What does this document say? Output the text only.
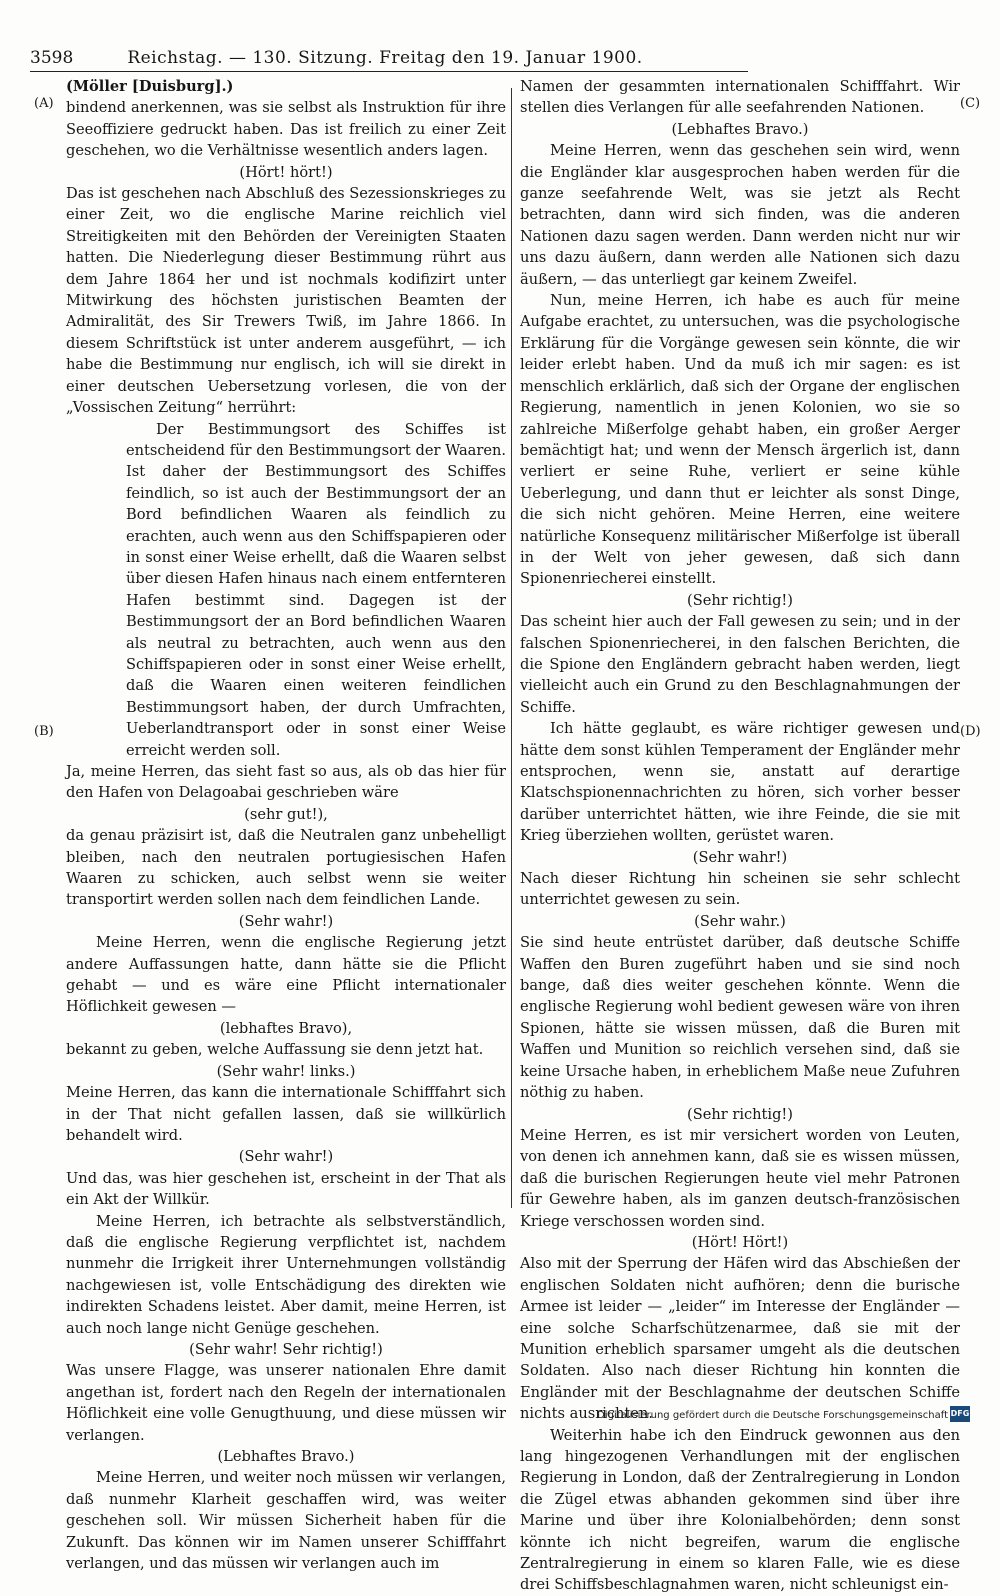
3598	Reichstag. — 130. Sitzung. Freitag den 19. Januar 1900.
(A)
(B)
(C)
(D)

(Möller [Duisburg].)

bindend anerkennen, was sie selbst als Instruktion für ihre Seeoffiziere gedruckt haben. Das ist freilich zu einer Zeit geschehen, wo die Verhältnisse wesentlich anders lagen.

(Hört! hört!)

Das ist geschehen nach Abschluß des Sezessionskrieges zu einer Zeit, wo die englische Marine reichlich viel Streitigkeiten mit den Behörden der Vereinigten Staaten hatten. Die Niederlegung dieser Bestimmung rührt aus dem Jahre 1864 her und ist nochmals kodifizirt unter Mitwirkung des höchsten juristischen Beamten der Admiralität, des Sir Trewers Twiß, im Jahre 1866. In diesem Schriftstück ist unter anderem ausgeführt, — ich habe die Bestimmung nur englisch, ich will sie direkt in einer deutschen Uebersetzung vorlesen, die von der „Vossischen Zeitung“ herrührt:

Der Bestimmungsort des Schiffes ist entscheidend für den Bestimmungsort der Waaren. Ist daher der Bestimmungsort des Schiffes feindlich, so ist auch der Bestimmungsort der an Bord befindlichen Waaren als feindlich zu erachten, auch wenn aus den Schiffspapieren oder in sonst einer Weise erhellt, daß die Waaren selbst über diesen Hafen hinaus nach einem entfernteren Hafen bestimmt sind. Dagegen ist der Bestimmungsort der an Bord befindlichen Waaren als neutral zu betrachten, auch wenn aus den Schiffspapieren oder in sonst einer Weise erhellt, daß die Waaren einen weiteren feindlichen Bestimmungsort haben, der durch Umfrachten, Ueberlandtransport oder in sonst einer Weise erreicht werden soll.

Ja, meine Herren, das sieht fast so aus, als ob das hier für den Hafen von Delagoabai geschrieben wäre

(sehr gut!),

da genau präzisirt ist, daß die Neutralen ganz unbehelligt bleiben, nach den neutralen portugiesischen Hafen Waaren zu schicken, auch selbst wenn sie weiter transportirt werden sollen nach dem feindlichen Lande.

(Sehr wahr!)

Meine Herren, wenn die englische Regierung jetzt andere Auffassungen hatte, dann hätte sie die Pflicht gehabt — und es wäre eine Pflicht internationaler Höflichkeit gewesen —

(lebhaftes Bravo),

bekannt zu geben, welche Auffassung sie denn jetzt hat.

(Sehr wahr! links.)

Meine Herren, das kann die internationale Schifffahrt sich in der That nicht gefallen lassen, daß sie willkürlich behandelt wird.

(Sehr wahr!)

Und das, was hier geschehen ist, erscheint in der That als ein Akt der Willkür.

Meine Herren, ich betrachte als selbstverständlich, daß die englische Regierung verpflichtet ist, nachdem nunmehr die Irrigkeit ihrer Unternehmungen vollständig nachgewiesen ist, volle Entschädigung des direkten wie indirekten Schadens leistet. Aber damit, meine Herren, ist auch noch lange nicht Genüge geschehen.

(Sehr wahr! Sehr richtig!)

Was unsere Flagge, was unserer nationalen Ehre damit angethan ist, fordert nach den Regeln der internationalen Höflichkeit eine volle Genugthuung, und diese müssen wir verlangen.

(Lebhaftes Bravo.)

Meine Herren, und weiter noch müssen wir verlangen, daß nunmehr Klarheit geschaffen wird, was weiter geschehen soll. Wir müssen Sicherheit haben für die Zukunft. Das können wir im Namen unserer Schifffahrt verlangen, und das müssen wir verlangen auch im

Namen der gesammten internationalen Schifffahrt. Wir stellen dies Verlangen für alle seefahrenden Nationen.

(Lebhaftes Bravo.)

Meine Herren, wenn das geschehen sein wird, wenn die Engländer klar ausgesprochen haben werden für die ganze seefahrende Welt, was sie jetzt als Recht betrachten, dann wird sich finden, was die anderen Nationen dazu sagen werden. Dann werden nicht nur wir uns dazu äußern, dann werden alle Nationen sich dazu äußern, — das unterliegt gar keinem Zweifel.

Nun, meine Herren, ich habe es auch für meine Aufgabe erachtet, zu untersuchen, was die psychologische Erklärung für die Vorgänge gewesen sein könnte, die wir leider erlebt haben. Und da muß ich mir sagen: es ist menschlich erklärlich, daß sich der Organe der englischen Regierung, namentlich in jenen Kolonien, wo sie so zahlreiche Mißerfolge gehabt haben, ein großer Aerger bemächtigt hat; und wenn der Mensch ärgerlich ist, dann verliert er seine Ruhe, verliert er seine kühle Ueberlegung, und dann thut er leichter als sonst Dinge, die sich nicht gehören. Meine Herren, eine weitere natürliche Konsequenz militärischer Mißerfolge ist überall in der Welt von jeher gewesen, daß sich dann Spionenriecherei einstellt.

(Sehr richtig!)

Das scheint hier auch der Fall gewesen zu sein; und in der falschen Spionenriecherei, in den falschen Berichten, die die Spione den Engländern gebracht haben werden, liegt vielleicht auch ein Grund zu den Beschlagnahmungen der Schiffe.

Ich hätte geglaubt, es wäre richtiger gewesen und hätte dem sonst kühlen Temperament der Engländer mehr entsprochen, wenn sie, anstatt auf derartige Klatschspionennachrichten zu hören, sich vorher besser darüber unterrichtet hätten, wie ihre Feinde, die sie mit Krieg überziehen wollten, gerüstet waren.

(Sehr wahr!)

Nach dieser Richtung hin scheinen sie sehr schlecht unterrichtet gewesen zu sein.

(Sehr wahr.)

Sie sind heute entrüstet darüber, daß deutsche Schiffe Waffen den Buren zugeführt haben und sie sind noch bange, daß dies weiter geschehen könnte. Wenn die englische Regierung wohl bedient gewesen wäre von ihren Spionen, hätte sie wissen müssen, daß die Buren mit Waffen und Munition so reichlich versehen sind, daß sie keine Ursache haben, in erheblichem Maße neue Zufuhren nöthig zu haben.

(Sehr richtig!)

Meine Herren, es ist mir versichert worden von Leuten, von denen ich annehmen kann, daß sie es wissen müssen, daß die burischen Regierungen heute viel mehr Patronen für Gewehre haben, als im ganzen deutsch-französischen Kriege verschossen worden sind.

(Hört! Hört!)

Also mit der Sperrung der Häfen wird das Abschießen der englischen Soldaten nicht aufhören; denn die burische Armee ist leider — „leider“ im Interesse der Engländer — eine solche Scharfschützenarmee, daß sie mit der Munition erheblich sparsamer umgeht als die deutschen Soldaten. Also nach dieser Richtung hin konnten die Engländer mit der Beschlagnahme der deutschen Schiffe nichts ausrichten.

Weiterhin habe ich den Eindruck gewonnen aus den lang hingezogenen Verhandlungen mit der englischen Regierung in London, daß der Zentralregierung in London die Zügel etwas abhanden gekommen sind über ihre Marine und über ihre Kolonialbehörden; denn sonst könnte ich nicht begreifen, warum die englische Zentralregierung in einem so klaren Falle, wie es diese drei Schiffsbeschlagnahmen waren, nicht schleunigst ein-

Digitalisierung gefördert durch die Deutsche Forschungsgemeinschaft DFG
